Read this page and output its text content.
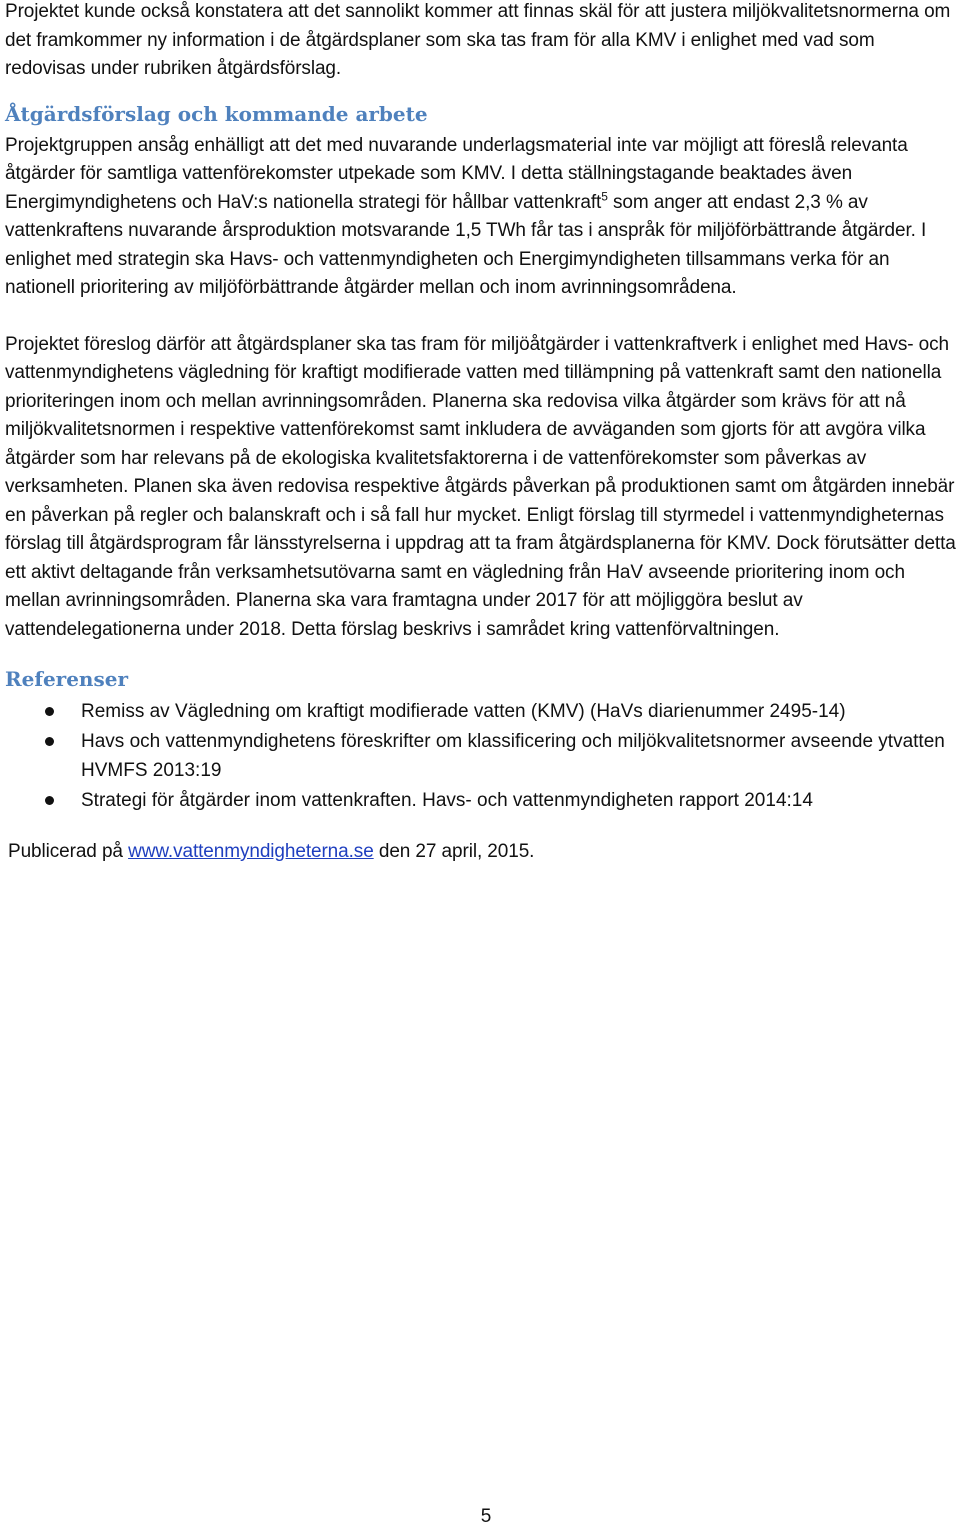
Projektet kunde också konstatera att det sannolikt kommer att finnas skäl för att justera miljökvalitetsnormerna om det framkommer ny information i de åtgärdsplaner som ska tas fram för alla KMV i enlighet med vad som redovisas under rubriken åtgärdsförslag.

Åtgärdsförslag och kommande arbete

Projektgruppen ansåg enhälligt att det med nuvarande underlagsmaterial inte var möjligt att föreslå relevanta åtgärder för samtliga vattenförekomster utpekade som KMV. I detta ställningstagande beaktades även Energimyndighetens och HaV:s nationella strategi för hållbar vattenkraft$^5$ som anger att endast 2,3 % av vattenkraftens nuvarande årsproduktion motsvarande 1,5 TWh får tas i anspråk för miljöförbättrande åtgärder. I enlighet med strategin ska Havs- och vattenmyndigheten och Energimyndigheten tillsammans verka för an nationell prioritering av miljöförbättrande åtgärder mellan och inom avrinningsområdena.

Projektet föreslog därför att åtgärdsplaner ska tas fram för miljöåtgärder i vattenkraftverk i enlighet med Havs- och vattenmyndighetens vägledning för kraftigt modifierade vatten med tillämpning på vattenkraft samt den nationella prioriteringen inom och mellan avrinningsområden. Planerna ska redovisa vilka åtgärder som krävs för att nå miljökvalitetsnormen i respektive vattenförekomst samt inkludera de avväganden som gjorts för att avgöra vilka åtgärder som har relevans på de ekologiska kvalitetsfaktorerna i de vattenförekomster som påverkas av verksamheten. Planen ska även redovisa respektive åtgärds påverkan på produktionen samt om åtgärden innebär en påverkan på regler och balanskraft och i så fall hur mycket. Enligt förslag till styrmedel i vattenmyndigheternas förslag till åtgärdsprogram får länsstyrelserna i uppdrag att ta fram åtgärdsplanerna för KMV. Dock förutsätter detta ett aktivt deltagande från verksamhetsutövarna samt en vägledning från HaV avseende prioritering inom och mellan avrinningsområden. Planerna ska vara framtagna under 2017 för att möjliggöra beslut av vattendelegationerna under 2018. Detta förslag beskrivs i samrådet kring vattenförvaltningen.

Referenser
Remiss av Vägledning om kraftigt modifierade vatten (KMV) (HaVs diarienummer 2495-14)
Havs och vattenmyndighetens föreskrifter om klassificering och miljökvalitetsnormer avseende ytvatten HVMFS 2013:19
Strategi för åtgärder inom vattenkraften. Havs- och vattenmyndigheten rapport 2014:14

Publicerad på www.vattenmyndigheterna.se den 27 april, 2015.

5
